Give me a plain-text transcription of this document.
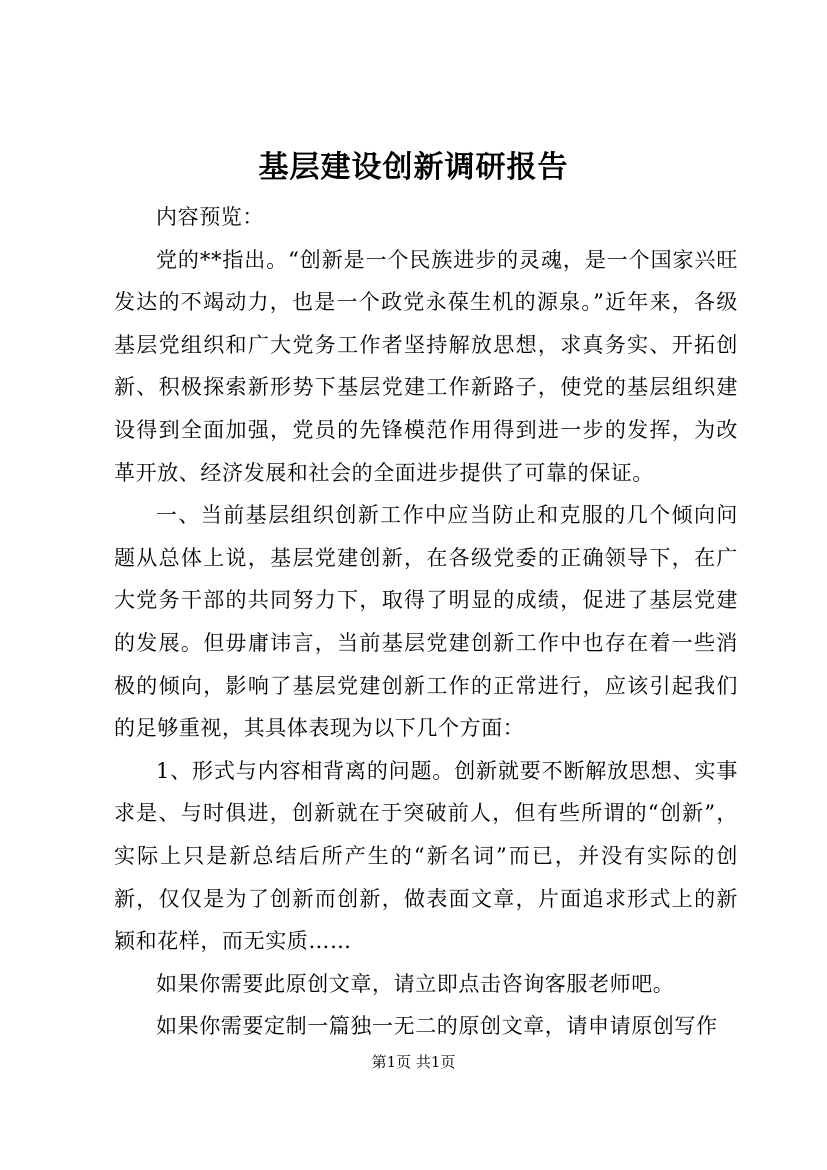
基层建设创新调研报告

内容预览：

党的**指出。“创新是一个民族进步的灵魂，是一个国家兴旺发达的不竭动力，也是一个政党永葆生机的源泉。”近年来，各级基层党组织和广大党务工作者坚持解放思想，求真务实、开拓创新、积极探索新形势下基层党建工作新路子，使党的基层组织建设得到全面加强，党员的先锋模范作用得到进一步的发挥，为改革开放、经济发展和社会的全面进步提供了可靠的保证。

一、当前基层组织创新工作中应当防止和克服的几个倾向问题从总体上说，基层党建创新，在各级党委的正确领导下，在广大党务干部的共同努力下，取得了明显的成绩，促进了基层党建的发展。但毋庸讳言，当前基层党建创新工作中也存在着一些消极的倾向，影响了基层党建创新工作的正常进行，应该引起我们的足够重视，其具体表现为以下几个方面：

1、形式与内容相背离的问题。创新就要不断解放思想、实事求是、与时俱进，创新就在于突破前人，但有些所谓的“创新”，实际上只是新总结后所产生的“新名词”而已，并没有实际的创新，仅仅是为了创新而创新，做表面文章，片面追求形式上的新颖和花样，而无实质……

如果你需要此原创文章，请立即点击咨询客服老师吧。

如果你需要定制一篇独一无二的原创文章，请申请原创写作

第1页 共1页
